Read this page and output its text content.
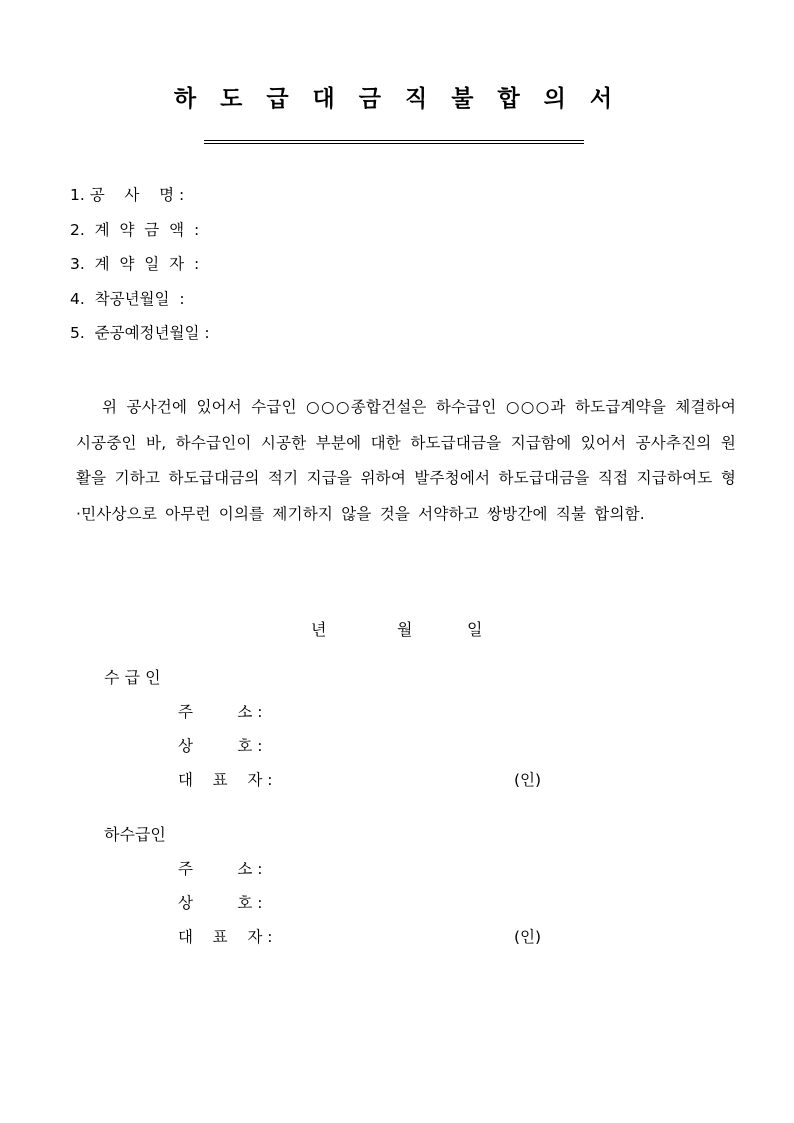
하 도 급 대 금 직 불 합 의 서
1. 공    사    명 :
2.  계  약  금  액  :
3.  계  약  일  자  :
4.  착공년월일  :
5.  준공예정년월일 :

위 공사건에 있어서 수급인 ○○○종합건설은 하수급인 ○○○과 하도급계약을 체결하여 시공중인 바, 하수급인이 시공한 부분에 대한 하도급대금을 지급함에 있어서 공사추진의 원활을 기하고 하도급대금의 적기 지급을 위하여 발주청에서 하도급대금을 직접 지급하여도 형·민사상으로 아무런 이의를 제기하지 않을 것을 서약하고 쌍방간에 직불 합의함.

년	월	일
수 급 인
주         소 :
상         호 :
대    표    자 :	(인)
하수급인
주         소 :
상         호 :
대    표    자 :	(인)
